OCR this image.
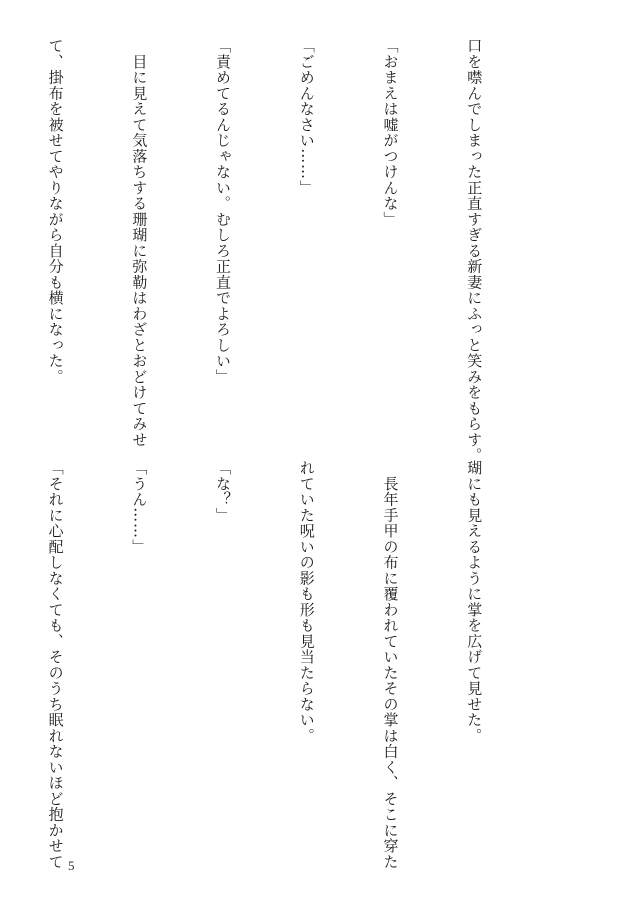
口を噤んでしまった正直すぎる新妻にふっと笑みをもらす。

「おまえは嘘がつけんな」

「ごめんなさい……」

「責めてるんじゃない。むしろ正直でよろしい」

　目に見えて気落ちする珊瑚に弥勒はわざとおどけてみせ

て、掛布を被せてやりながら自分も横になった。

瑚にも見えるように掌を広げて見せた。

　長年手甲の布に覆われていたその掌は白く、そこに穿た

れていた呪いの影も形も見当たらない。

「な？」

「うん……」

「それに心配しなくても、そのうち眠れないほど抱かせて

5
